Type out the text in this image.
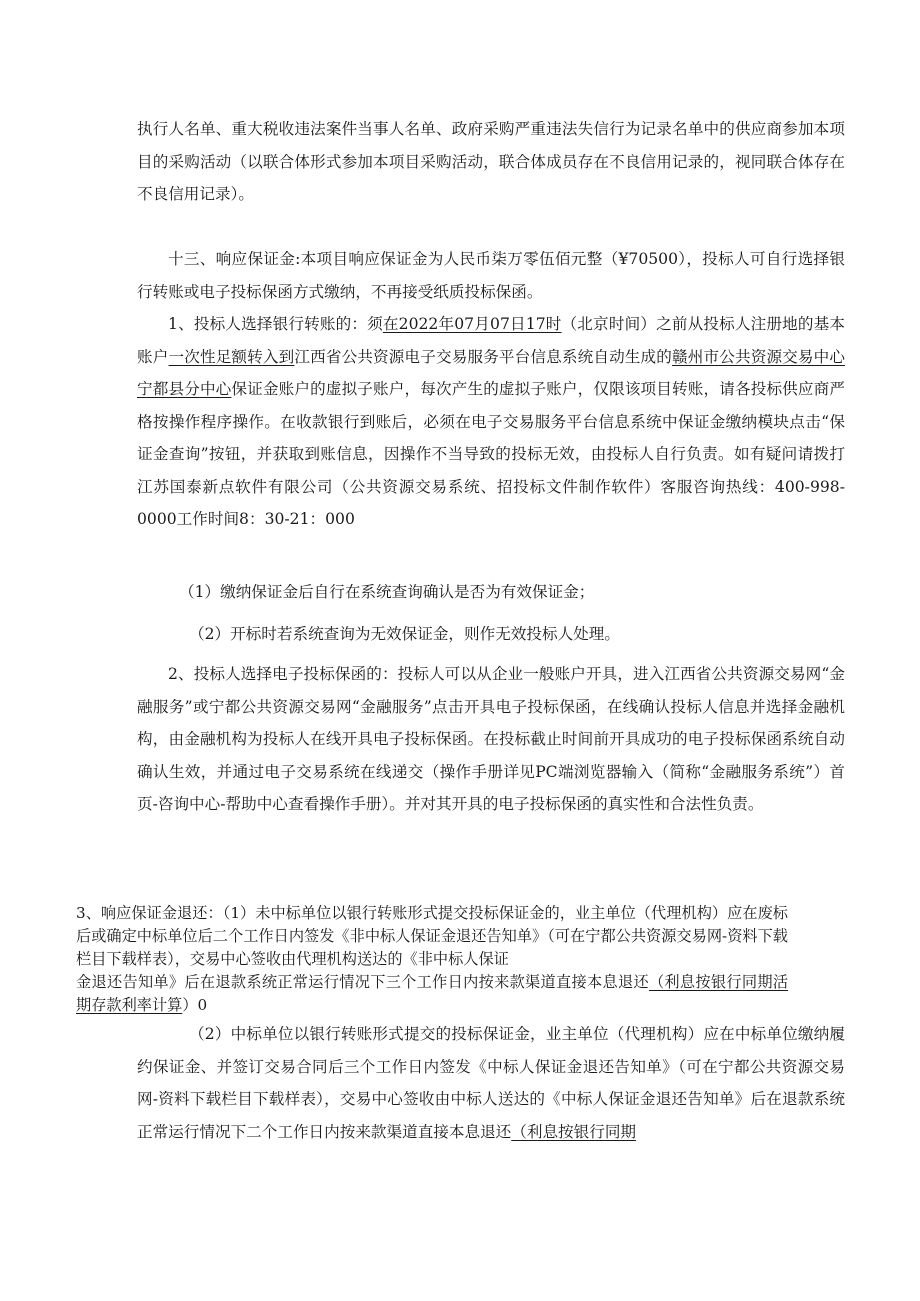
执行人名单、重大税收违法案件当事人名单、政府采购严重违法失信行为记录名单中的供应商参加本项目的采购活动（以联合体形式参加本项目采购活动，联合体成员存在不良信用记录的，视同联合体存在不良信用记录）。

十三、响应保证金:本项目响应保证金为人民币柒万零伍佰元整（¥70500），投标人可自行选择银行转账或电子投标保函方式缴纳，不再接受纸质投标保函。

1、投标人选择银行转账的：须在2022年07月07日17时（北京时间）之前从投标人注册地的基本账户一次性足额转入到江西省公共资源电子交易服务平台信息系统自动生成的赣州市公共资源交易中心宁都县分中心保证金账户的虚拟子账户，每次产生的虚拟子账户，仅限该项目转账，请各投标供应商严格按操作程序操作。在收款银行到账后，必须在电子交易服务平台信息系统中保证金缴纳模块点击“保证金查询”按钮，并获取到账信息，因操作不当导致的投标无效，由投标人自行负责。如有疑问请拨打江苏国泰新点软件有限公司（公共资源交易系统、招投标文件制作软件）客服咨询热线：400-998-0000工作时间8：30-21：000

（1）缴纳保证金后自行在系统查询确认是否为有效保证金；

（2）开标时若系统查询为无效保证金，则作无效投标人处理。

2、投标人选择电子投标保函的：投标人可以从企业一般账户开具，进入江西省公共资源交易网“金融服务”或宁都公共资源交易网“金融服务”点击开具电子投标保函，在线确认投标人信息并选择金融机构，由金融机构为投标人在线开具电子投标保函。在投标截止时间前开具成功的电子投标保函系统自动确认生效，并通过电子交易系统在线递交（操作手册详见PC端浏览器输入（简称“金融服务系统”）首页-咨询中心-帮助中心查看操作手册）。并对其开具的电子投标保函的真实性和合法性负责。

3、响应保证金退还：（1）未中标单位以银行转账形式提交投标保证金的，业主单位（代理机构）应在废标后或确定中标单位后二个工作日内签发《非中标人保证金退还告知单》（可在宁都公共资源交易网-资料下载栏目下载样表），交易中心签收由代理机构送达的《非中标人保证
金退还告知单》后在退款系统正常运行情况下三个工作日内按来款渠道直接本息退还（利息按银行同期活期存款利率计算）0

（2）中标单位以银行转账形式提交的投标保证金，业主单位（代理机构）应在中标单位缴纳履约保证金、并签订交易合同后三个工作日内签发《中标人保证金退还告知单》（可在宁都公共资源交易网-资料下载栏目下载样表），交易中心签收由中标人送达的《中标人保证金退还告知单》后在退款系统正常运行情况下二个工作日内按来款渠道直接本息退还（利息按银行同期
